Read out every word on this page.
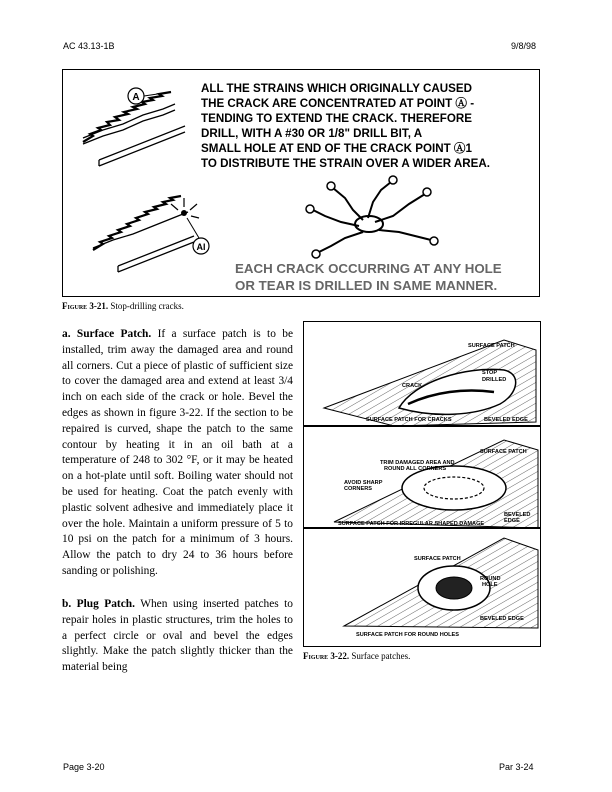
AC 43.13-1B	9/8/98
A
AI
ALL THE STRAINS WHICH ORIGINALLY CAUSED
THE CRACK ARE CONCENTRATED AT POINT Ⓐ -
TENDING TO EXTEND THE CRACK. THEREFORE
DRILL, WITH A #30 OR 1/8" DRILL BIT, A
SMALL HOLE AT END OF THE CRACK POINT Ⓐ1
TO DISTRIBUTE THE STRAIN OVER A WIDER AREA.
EACH CRACK OCCURRING AT ANY HOLE
OR TEAR IS DRILLED IN SAME MANNER.
Figure 3-21. Stop-drilling cracks.

a. Surface Patch. If a surface patch is to be installed, trim away the damaged area and round all corners. Cut a piece of plastic of sufficient size to cover the damaged area and extend at least 3/4 inch on each side of the crack or hole. Bevel the edges as shown in figure 3-22. If the section to be repaired is curved, shape the patch to the same contour by heating it in an oil bath at a temperature of 248 to 302 °F, or it may be heated on a hot-plate until soft. Boiling water should not be used for heating. Coat the patch evenly with plastic solvent adhesive and immediately place it over the hole. Maintain a uniform pressure of 5 to 10 psi on the patch for a minimum of 3 hours. Allow the patch to dry 24 to 36 hours before sanding or polishing.

b. Plug Patch. When using inserted patches to repair holes in plastic structures, trim the holes to a perfect circle or oval and bevel the edges slightly. Make the patch slightly thicker than the material being

SURFACE PATCH
CRACK
STOP
DRILLED
SURFACE PATCH FOR CRACKS	BEVELED EDGE
TRIM DAMAGED AREA AND
ROUND ALL CORNERS
SURFACE PATCH
AVOID SHARP
CORNERS
SURFACE PATCH FOR IRREGULAR SHAPED DAMAGE
BEVELED
EDGE
SURFACE PATCH
ROUND
HOLE
BEVELED EDGE
SURFACE PATCH FOR ROUND HOLES
Figure 3-22. Surface patches.
Page 3-20	Par 3-24
